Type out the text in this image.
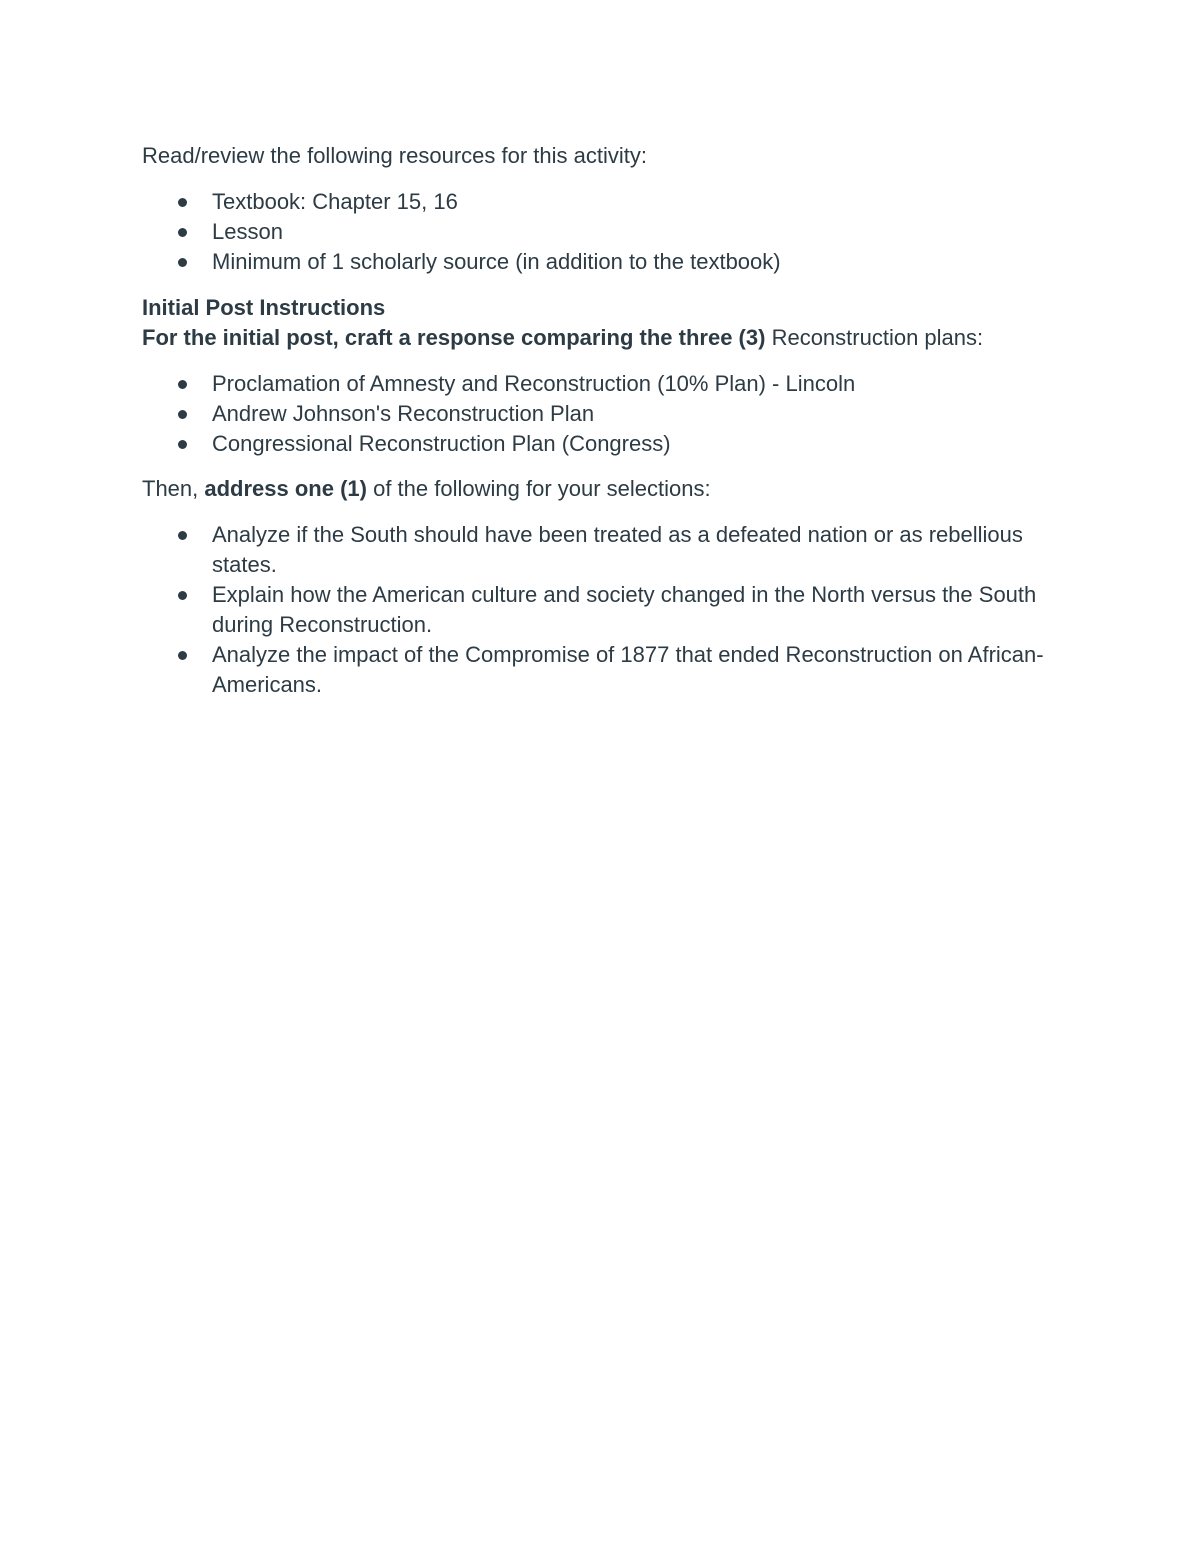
Read/review the following resources for this activity:

Textbook: Chapter 15, 16
Lesson
Minimum of 1 scholarly source (in addition to the textbook)

Initial Post Instructions

For the initial post, craft a response comparing the three (3) Reconstruction plans:

Proclamation of Amnesty and Reconstruction (10% Plan) - Lincoln
Andrew Johnson's Reconstruction Plan
Congressional Reconstruction Plan (Congress)

Then, address one (1) of the following for your selections:

Analyze if the South should have been treated as a defeated nation or as rebellious states.
Explain how the American culture and society changed in the North versus the South during Reconstruction.
Analyze the impact of the Compromise of 1877 that ended Reconstruction on African-Americans.
